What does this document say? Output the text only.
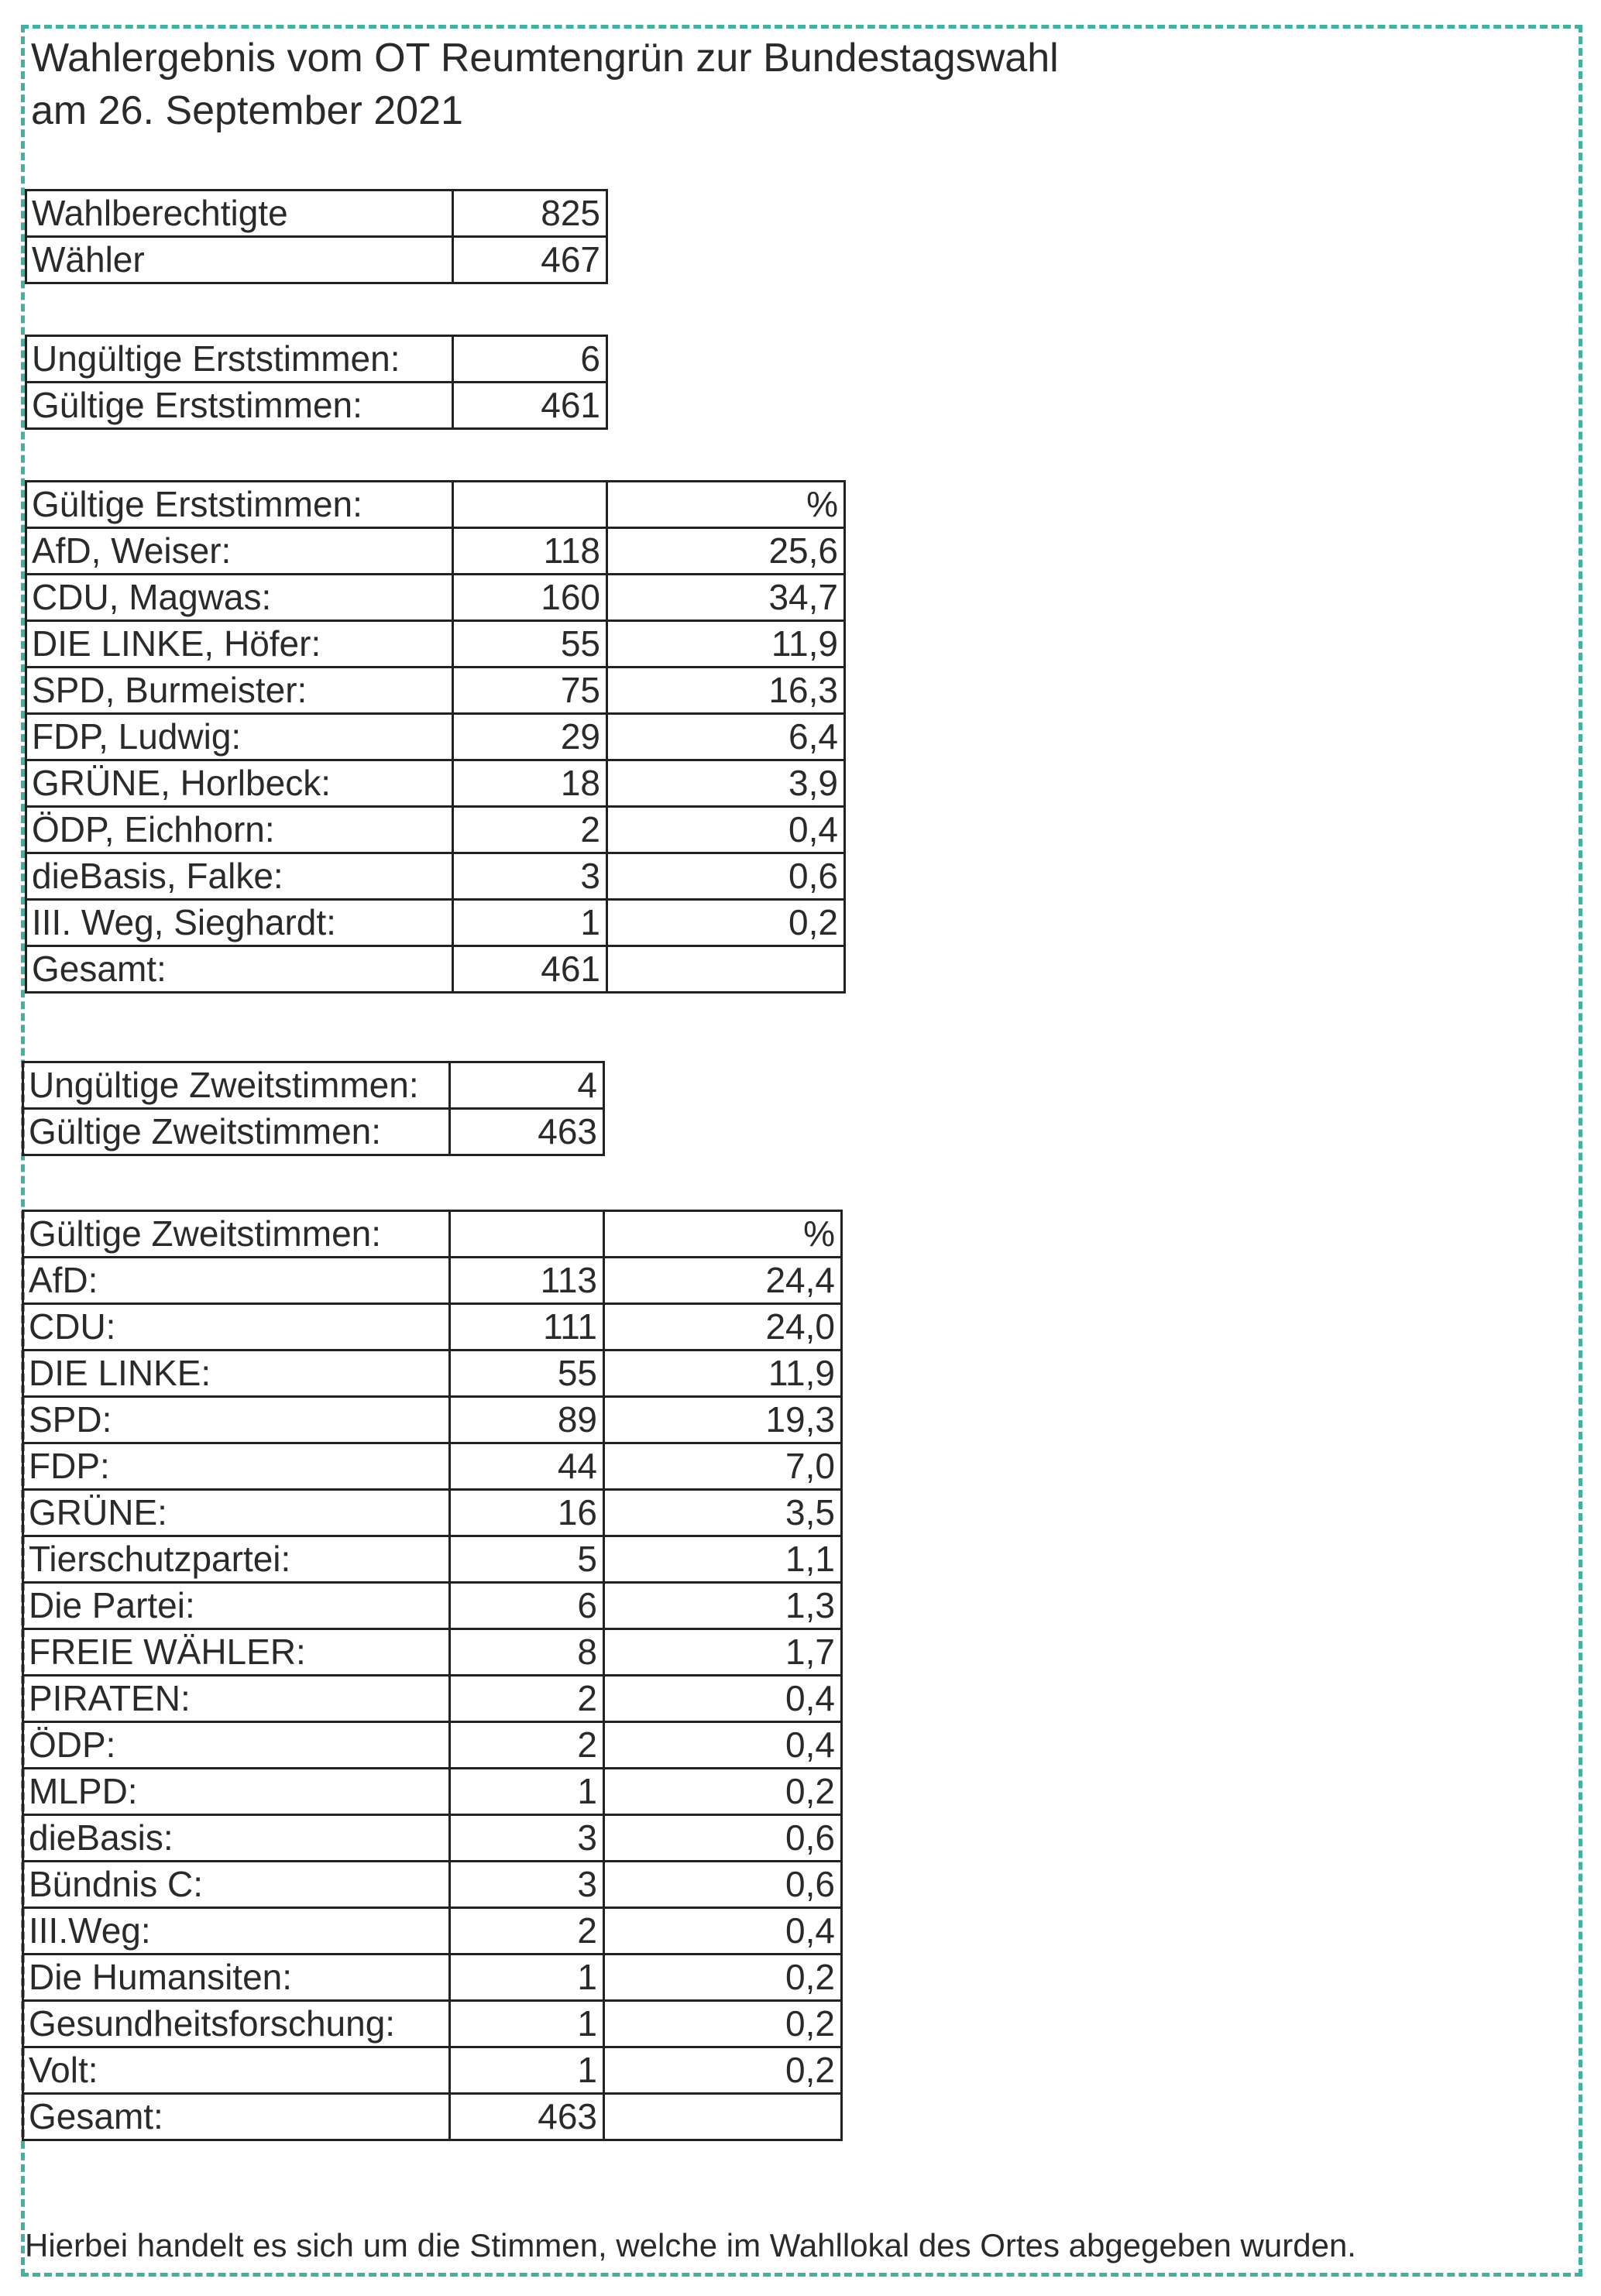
Wahlergebnis vom OT Reumtengrün zur Bundestagswahl
am 26. September 2021
Wahlberechtigte	825
Wähler	467
Ungültige Erststimmen:	6
Gültige Erststimmen:	461
Gültige Erststimmen:		%
AfD, Weiser:	118	25,6
CDU, Magwas:	160	34,7
DIE LINKE, Höfer:	55	11,9
SPD, Burmeister:	75	16,3
FDP, Ludwig:	29	6,4
GRÜNE, Horlbeck:	18	3,9
ÖDP, Eichhorn:	2	0,4
dieBasis, Falke:	3	0,6
III. Weg, Sieghardt:	1	0,2
Gesamt:	461	
Ungültige Zweitstimmen:	4
Gültige Zweitstimmen:	463
Gültige Zweitstimmen:		%
AfD:	113	24,4
CDU:	111	24,0
DIE LINKE:	55	11,9
SPD:	89	19,3
FDP:	44	7,0
GRÜNE:	16	3,5
Tierschutzpartei:	5	1,1
Die Partei:	6	1,3
FREIE WÄHLER:	8	1,7
PIRATEN:	2	0,4
ÖDP:	2	0,4
MLPD:	1	0,2
dieBasis:	3	0,6
Bündnis C:	3	0,6
III.Weg:	2	0,4
Die Humansiten:	1	0,2
Gesundheitsforschung:	1	0,2
Volt:	1	0,2
Gesamt:	463	
Hierbei handelt es sich um die Stimmen, welche im Wahllokal des Ortes abgegeben wurden.
